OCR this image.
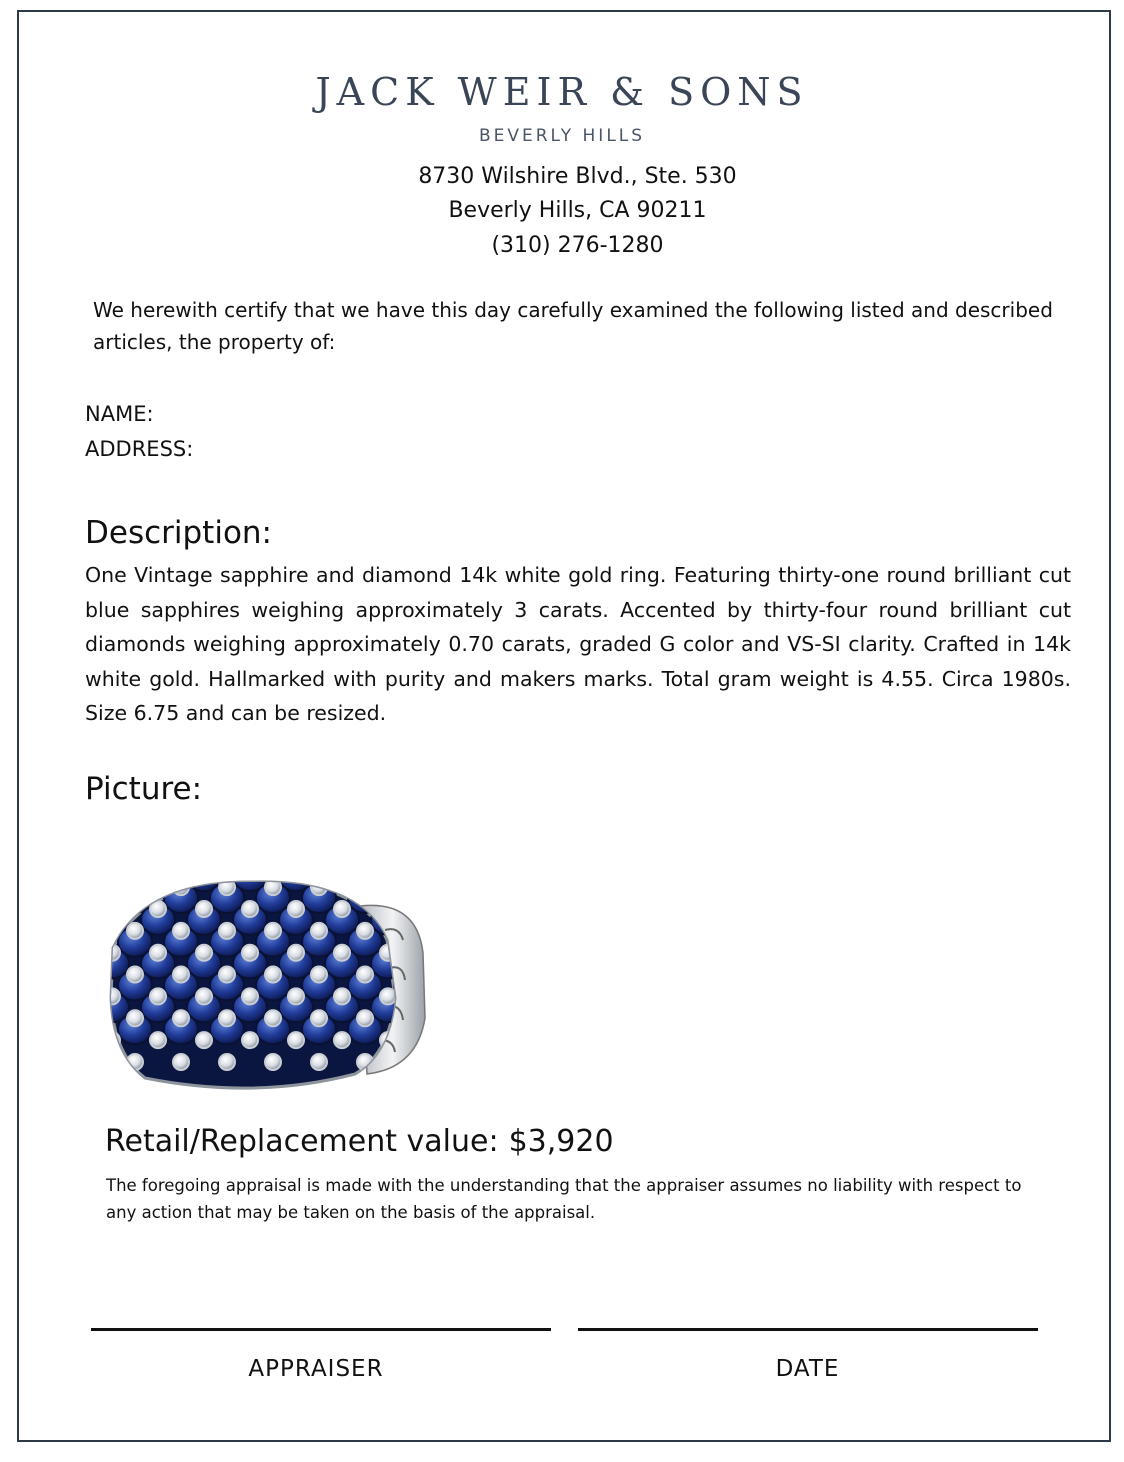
JACK WEIR & SONS
BEVERLY HILLS
8730 Wilshire Blvd., Ste. 530
Beverly Hills, CA 90211
(310) 276-1280
We herewith certify that we have this day carefully examined the following listed and described articles, the property of:
NAME:
ADDRESS:
Description:
One Vintage sapphire and diamond 14k white gold ring. Featuring thirty-one round brilliant cut blue sapphires weighing approximately 3 carats. Accented by thirty-four round brilliant cut diamonds weighing approximately 0.70 carats, graded G color and VS-SI clarity. Crafted in 14k white gold. Hallmarked with purity and makers marks. Total gram weight is 4.55. Circa 1980s. Size 6.75 and can be resized.
Picture:
Retail/Replacement value: $3,920
The foregoing appraisal is made with the understanding that the appraiser assumes no liability with respect to any action that may be taken on the basis of the appraisal.
APPRAISER	DATE
